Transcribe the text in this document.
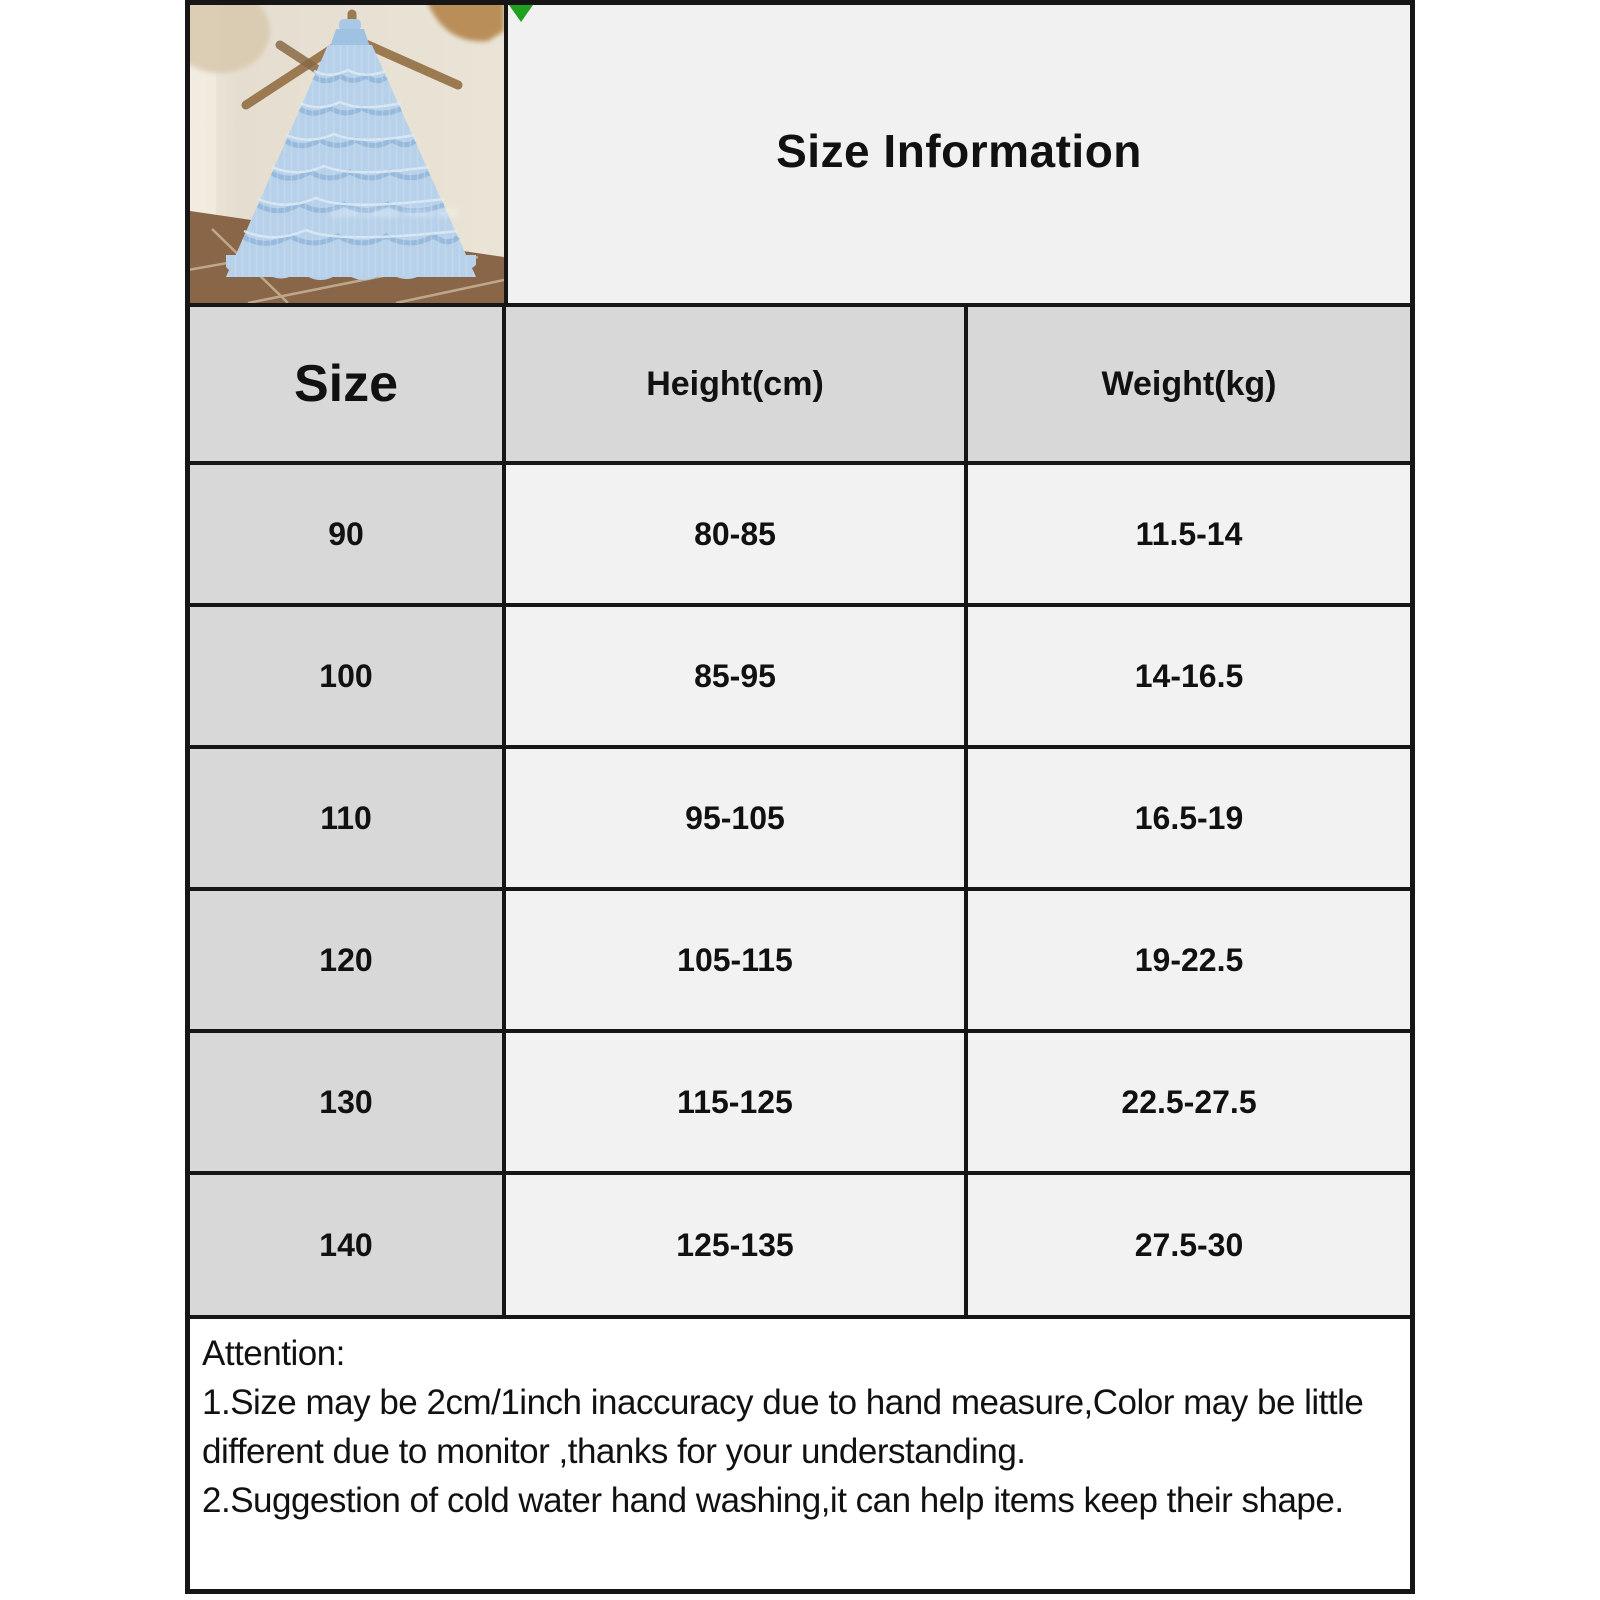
GAN CANG XIAO MX
Size Information
Size	Height(cm)	Weight(kg)
90	80-85	11.5-14
100	85-95	14-16.5
110	95-105	16.5-19
120	105-115	19-22.5
130	115-125	22.5-27.5
140	125-135	27.5-30

Attention:

1.Size may be 2cm/1inch inaccuracy due to hand measure,Color may be little different due to monitor ,thanks for your understanding.

2.Suggestion of cold water hand washing,it can help items keep their shape.
